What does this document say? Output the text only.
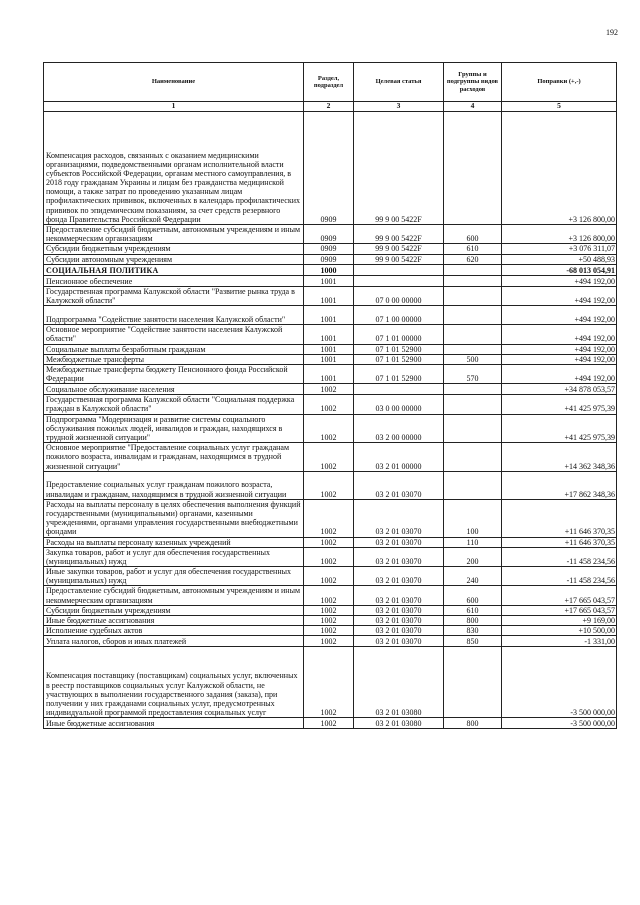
192
Наименование	Раздел, подраздел	Целевая статья	Группы и подгруппы видов расходов	Поправки (+,-)
1	2	3	4	5
Компенсация расходов, связанных с оказанием медицинскими организациями, подведомственными органам исполнительной власти субъектов Российской Федерации, органам местного самоуправления, в 2018 году гражданам Украины и лицам без гражданства медицинской помощи, а также затрат по проведению указанным лицам профилактических прививок, включенных в календарь профилактических прививок по эпидемическим показаниям, за счет средств резервного фонда Правительства Российской Федерации	0909	99 9 00 5422F		+3 126 800,00
Предоставление субсидий бюджетным, автономным учреждениям и иным некоммерческим организациям	0909	99 9 00 5422F	600	+3 126 800,00
Субсидии бюджетным учреждениям	0909	99 9 00 5422F	610	+3 076 311,07
Субсидии автономным учреждениям	0909	99 9 00 5422F	620	+50 488,93
СОЦИАЛЬНАЯ ПОЛИТИКА	1000			-68 013 054,91
Пенсионное обеспечение	1001			+494 192,00
Государственная программа Калужской области "Развитие рынка труда в Калужской области"	1001	07 0 00 00000		+494 192,00
Подпрограмма "Содействие занятости населения Калужской области"	1001	07 1 00 00000		+494 192,00
Основное мероприятие "Содействие занятости населения Калужской области"	1001	07 1 01 00000		+494 192,00
Социальные выплаты безработным гражданам	1001	07 1 01 52900		+494 192,00
Межбюджетные трансферты	1001	07 1 01 52900	500	+494 192,00
Межбюджетные трансферты бюджету Пенсионного фонда Российской Федерации	1001	07 1 01 52900	570	+494 192,00
Социальное обслуживание населения	1002			+34 878 053,57
Государственная программа Калужской области "Социальная поддержка граждан в Калужской области"	1002	03 0 00 00000		+41 425 975,39
Подпрограмма "Модернизация и развитие системы социального обслуживания пожилых людей, инвалидов и граждан, находящихся в трудной жизненной ситуации"	1002	03 2 00 00000		+41 425 975,39
Основное мероприятие "Предоставление социальных услуг гражданам пожилого возраста, инвалидам и гражданам, находящимся в трудной жизненной ситуации"	1002	03 2 01 00000		+14 362 348,36
Предоставление социальных услуг гражданам пожилого возраста, инвалидам и гражданам, находящимся в трудной жизненной ситуации	1002	03 2 01 03070		+17 862 348,36
Расходы на выплаты персоналу в целях обеспечения выполнения функций государственными (муниципальными) органами, казенными учреждениями, органами управления государственными внебюджетными фондами	1002	03 2 01 03070	100	+11 646 370,35
Расходы на выплаты персоналу казенных учреждений	1002	03 2 01 03070	110	+11 646 370,35
Закупка товаров, работ и услуг для обеспечения государственных (муниципальных) нужд	1002	03 2 01 03070	200	-11 458 234,56
Иные закупки товаров, работ и услуг для обеспечения государственных (муниципальных) нужд	1002	03 2 01 03070	240	-11 458 234,56
Предоставление субсидий бюджетным, автономным учреждениям и иным некоммерческим организациям	1002	03 2 01 03070	600	+17 665 043,57
Субсидии бюджетным учреждениям	1002	03 2 01 03070	610	+17 665 043,57
Иные бюджетные ассигнования	1002	03 2 01 03070	800	+9 169,00
Исполнение судебных актов	1002	03 2 01 03070	830	+10 500,00
Уплата налогов, сборов и иных платежей	1002	03 2 01 03070	850	-1 331,00
Компенсация поставщику (поставщикам) социальных услуг, включенных в реестр поставщиков социальных услуг Калужской области, не участвующих в выполнении государственного задания (заказа), при получении у них гражданами социальных услуг, предусмотренных индивидуальной программой предоставления социальных услуг	1002	03 2 01 03080		-3 500 000,00
Иные бюджетные ассигнования	1002	03 2 01 03080	800	-3 500 000,00
